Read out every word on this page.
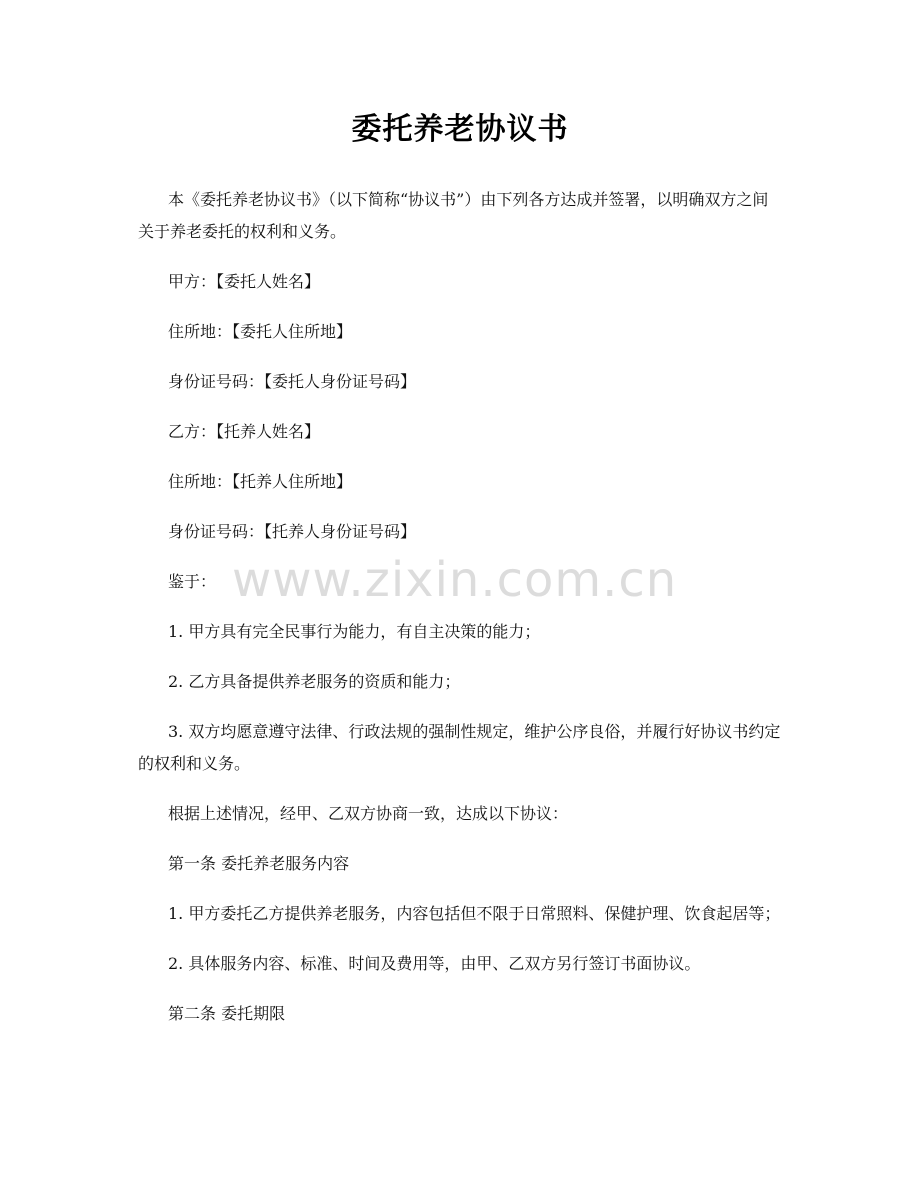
委托养老协议书

本《委托养老协议书》（以下简称“协议书”）由下列各方达成并签署，以明确双方之间关于养老委托的权利和义务。

甲方：【委托人姓名】

住所地：【委托人住所地】

身份证号码：【委托人身份证号码】

乙方：【托养人姓名】

住所地：【托养人住所地】

身份证号码：【托养人身份证号码】

鉴于：

1. 甲方具有完全民事行为能力，有自主决策的能力；

2. 乙方具备提供养老服务的资质和能力；

3. 双方均愿意遵守法律、行政法规的强制性规定，维护公序良俗，并履行好协议书约定的权利和义务。

根据上述情况，经甲、乙双方协商一致，达成以下协议：

第一条 委托养老服务内容

1. 甲方委托乙方提供养老服务，内容包括但不限于日常照料、保健护理、饮食起居等；

2. 具体服务内容、标准、时间及费用等，由甲、乙双方另行签订书面协议。

第二条 委托期限

www.zixin.com.cn
